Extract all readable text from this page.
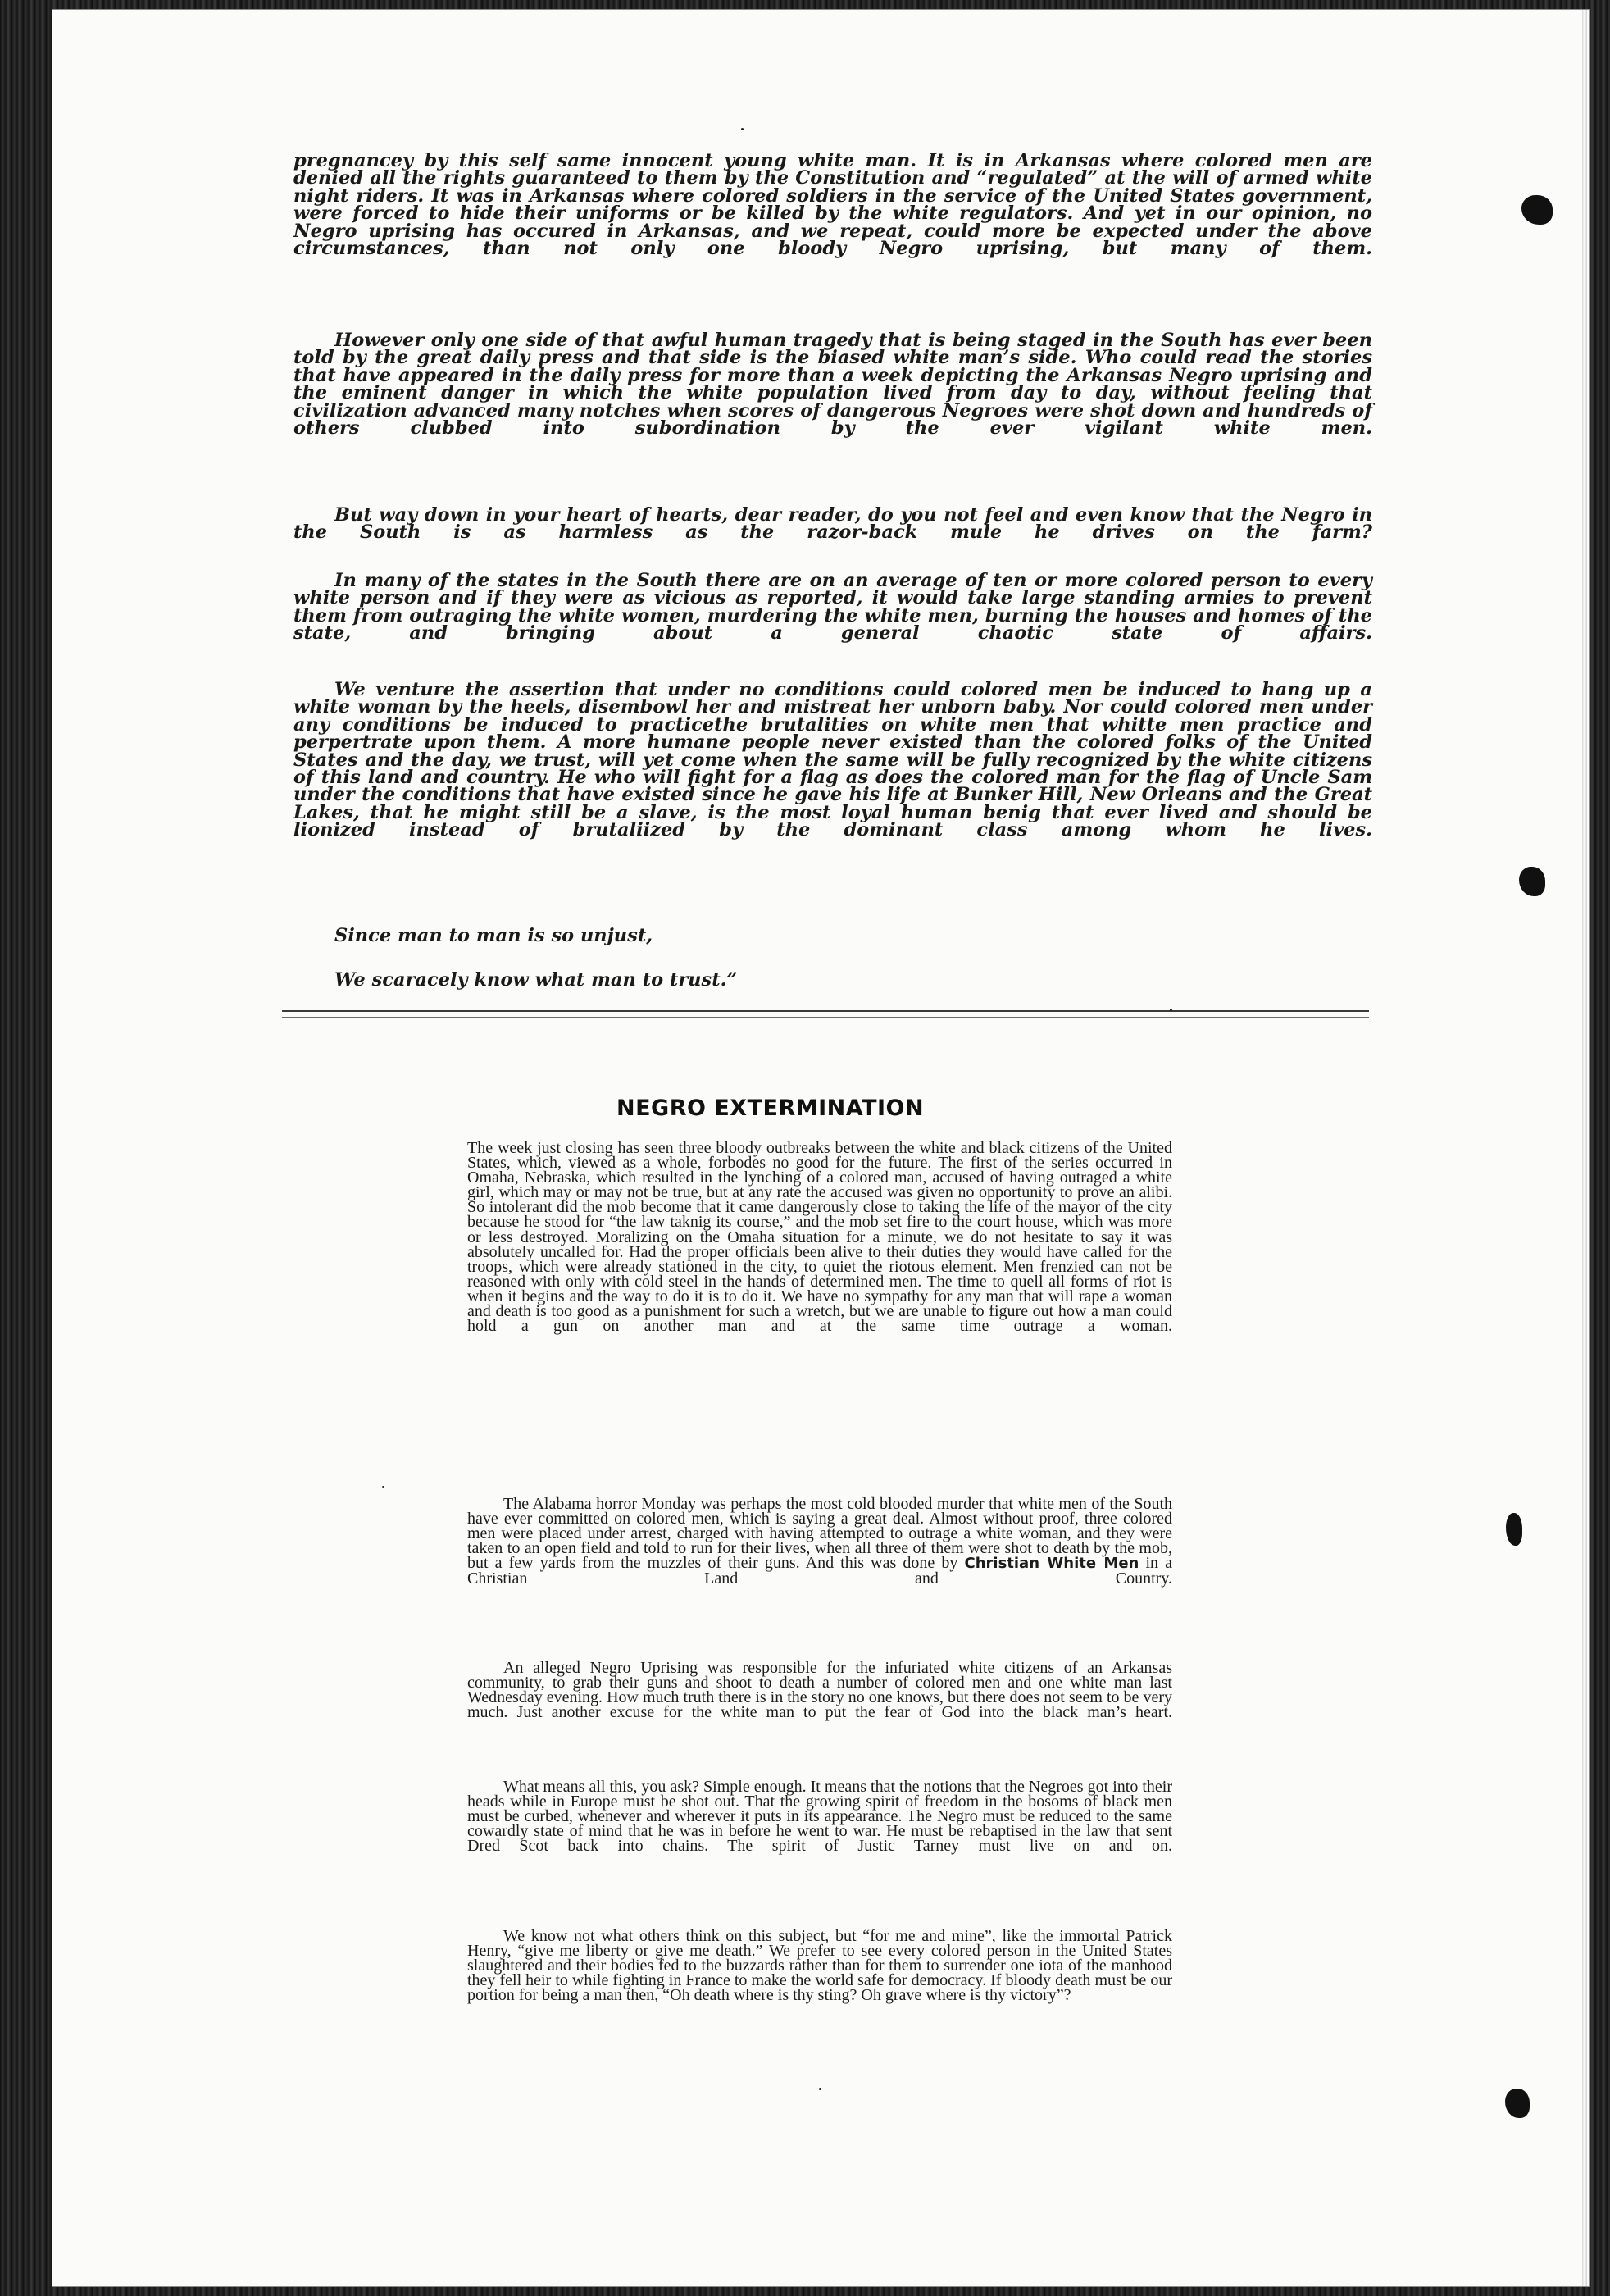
pregnancey by this self same innocent young white man. It is in Arkansas where colored men are denied all the rights guaranteed to them by the Constitution and “regulated” at the will of armed white night riders. It was in Arkansas where colored soldiers in the service of the United States government, were forced to hide their uniforms or be killed by the white regulators. And yet in our opinion, no Negro uprising has occured in Arkansas, and we repeat, could more be expected under the above circumstances, than not only one bloody Negro uprising, but many of them.

However only one side of that awful human tragedy that is being staged in the South has ever been told by the great daily press and that side is the biased white man’s side. Who could read the stories that have appeared in the daily press for more than a week depicting the Arkansas Negro uprising and the eminent danger in which the white population lived from day to day, without feeling that civilization advanced many notches when scores of dangerous Negroes were shot down and hundreds of others clubbed into subordination by the ever vigilant white men.

But way down in your heart of hearts, dear reader, do you not feel and even know that the Negro in the South is as harmless as the razor-back mule he drives on the farm?

In many of the states in the South there are on an average of ten or more colored person to every white person and if they were as vicious as reported, it would take large standing armies to prevent them from outraging the white women, murdering the white men, burning the houses and homes of the state, and bringing about a general chaotic state of affairs.

We venture the assertion that under no conditions could colored men be induced to hang up a white woman by the heels, disembowl her and mistreat her unborn baby. Nor could colored men under any conditions be induced to practicethe brutalities on white men that whitte men practice and perpertrate upon them. A more humane people never existed than the colored folks of the United States and the day, we trust, will yet come when the same will be fully recognized by the white citizens of this land and country. He who will fight for a flag as does the colored man for the flag of Uncle Sam under the conditions that have existed since he gave his life at Bunker Hill, New Orleans and the Great Lakes, that he might still be a slave, is the most loyal human benig that ever lived and should be lionized instead of brutaliized by the dominant class among whom he lives.

Since man to man is so unjust,

We scaracely know what man to trust.”

NEGRO EXTERMINATION

The week just closing has seen three bloody outbreaks between the white and black citizens of the United States, which, viewed as a whole, forbodes no good for the future. The first of the series occurred in Omaha, Nebraska, which resulted in the lynching of a colored man, accused of having outraged a white girl, which may or may not be true, but at any rate the accused was given no opportunity to prove an alibi. So intolerant did the mob become that it came dangerously close to taking the life of the mayor of the city because he stood for “the law taknig its course,” and the mob set fire to the court house, which was more or less destroyed. Moralizing on the Omaha situation for a minute, we do not hesitate to say it was absolutely uncalled for. Had the proper officials been alive to their duties they would have called for the troops, which were already stationed in the city, to quiet the riotous element. Men frenzied can not be reasoned with only with cold steel in the hands of determined men. The time to quell all forms of riot is when it begins and the way to do it is to do it. We have no sympathy for any man that will rape a woman and death is too good as a punishment for such a wretch, but we are unable to figure out how a man could hold a gun on another man and at the same time outrage a woman.

The Alabama horror Monday was perhaps the most cold blooded murder that white men of the South have ever committed on colored men, which is saying a great deal. Almost without proof, three colored men were placed under arrest, charged with having attempted to outrage a white woman, and they were taken to an open field and told to run for their lives, when all three of them were shot to death by the mob, but a few yards from the muzzles of their guns. And this was done by Christian White Men in a Christian Land and Country.

An alleged Negro Uprising was responsible for the infuriated white citizens of an Arkansas community, to grab their guns and shoot to death a number of colored men and one white man last Wednesday evening. How much truth there is in the story no one knows, but there does not seem to be very much. Just another excuse for the white man to put the fear of God into the black man’s heart.

What means all this, you ask? Simple enough. It means that the notions that the Negroes got into their heads while in Europe must be shot out. That the growing spirit of freedom in the bosoms of black men must be curbed, whenever and wherever it puts in its appearance. The Negro must be reduced to the same cowardly state of mind that he was in before he went to war. He must be rebaptised in the law that sent Dred Scot back into chains. The spirit of Justic Tarney must live on and on.

We know not what others think on this subject, but “for me and mine”, like the immortal Patrick Henry, “give me liberty or give me death.” We prefer to see every colored person in the United States slaughtered and their bodies fed to the buzzards rather than for them to surrender one iota of the manhood they fell heir to while fighting in France to make the world safe for democracy. If bloody death must be our portion for being a man then, “Oh death where is thy sting? Oh grave where is thy victory”?
